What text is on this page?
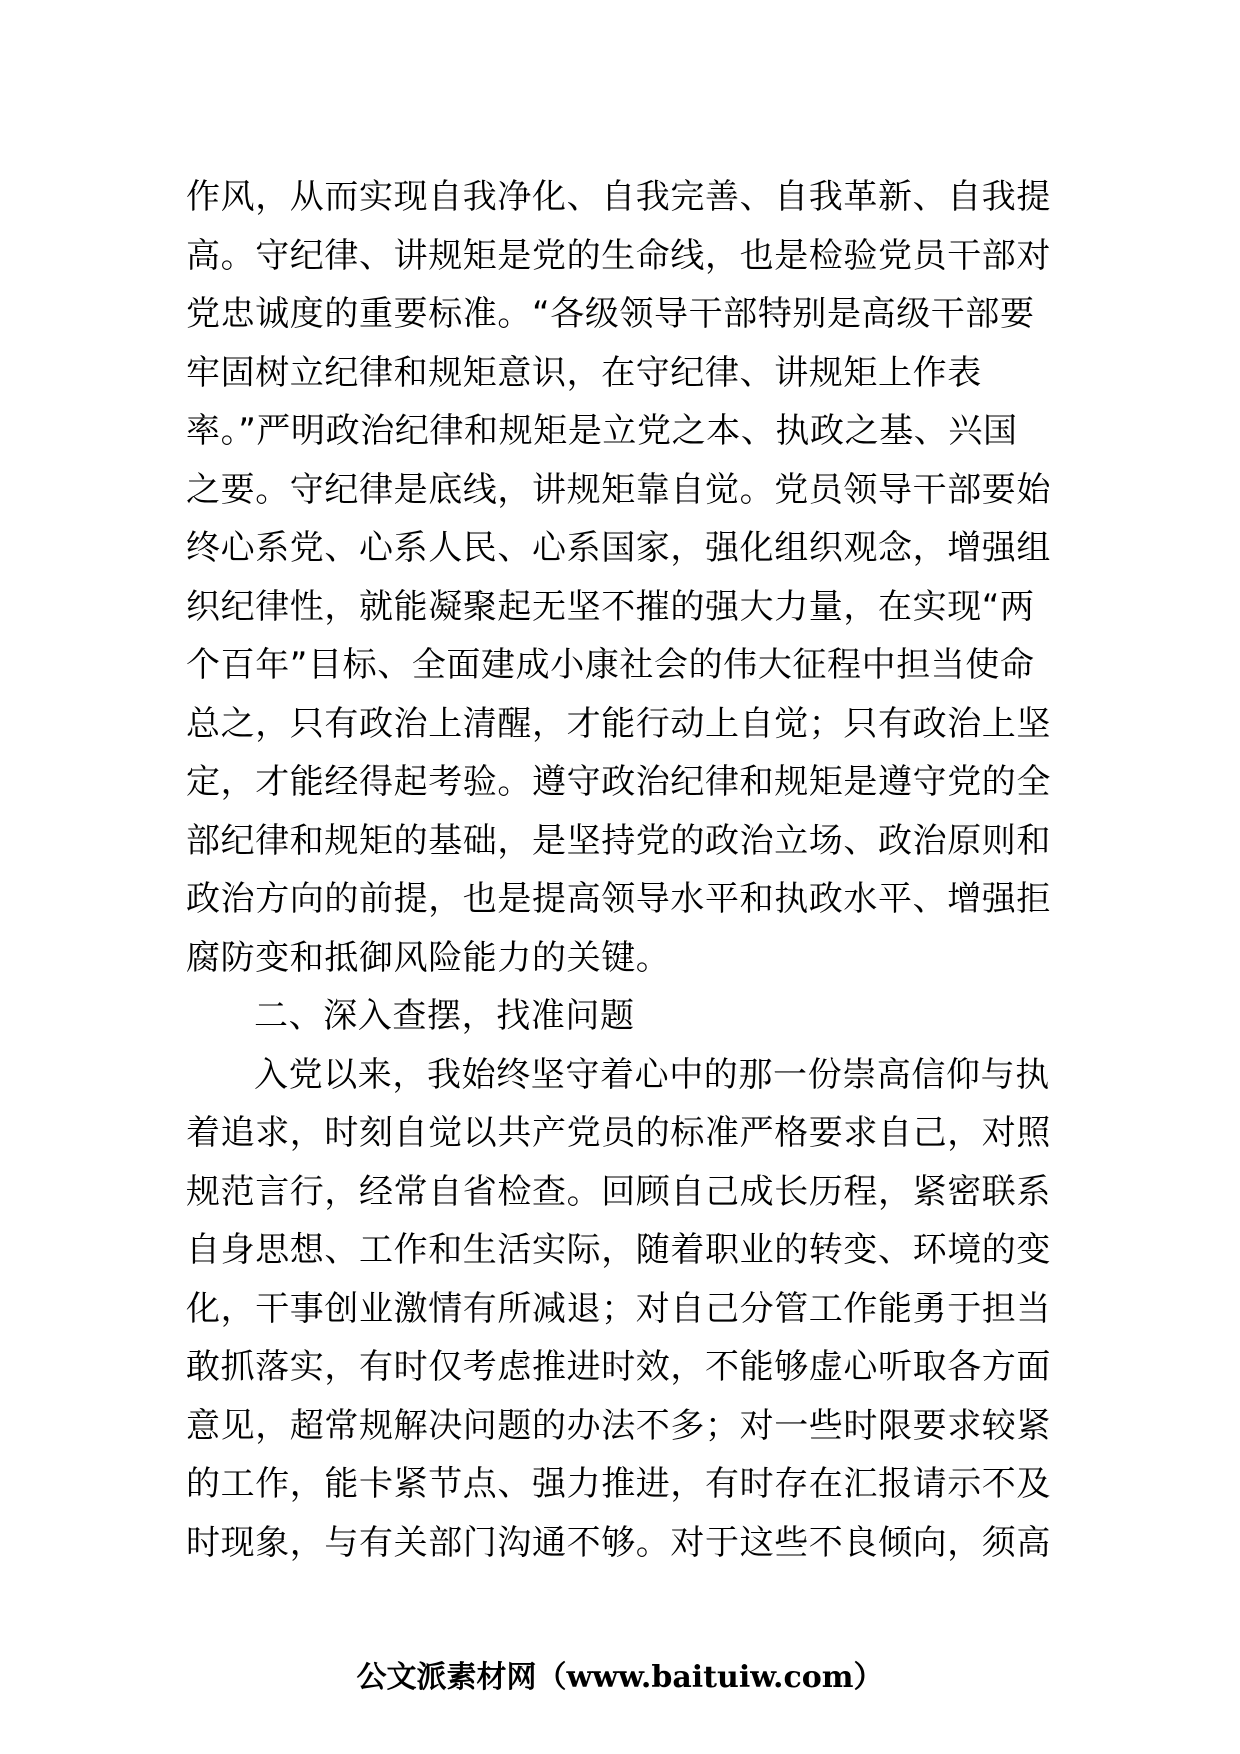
作风，从而实现自我净化、自我完善、自我革新、自我提
高。守纪律、讲规矩是党的生命线，也是检验党员干部对
党忠诚度的重要标准。“各级领导干部特别是高级干部要
牢固树立纪律和规矩意识，在守纪律、讲规矩上作表
率。”严明政治纪律和规矩是立党之本、执政之基、兴国
之要。守纪律是底线，讲规矩靠自觉。党员领导干部要始
终心系党、心系人民、心系国家，强化组织观念，增强组
织纪律性，就能凝聚起无坚不摧的强大力量，在实现“两
个百年”目标、全面建成小康社会的伟大征程中担当使命
总之，只有政治上清醒，才能行动上自觉；只有政治上坚
定，才能经得起考验。遵守政治纪律和规矩是遵守党的全
部纪律和规矩的基础，是坚持党的政治立场、政治原则和
政治方向的前提，也是提高领导水平和执政水平、增强拒
腐防变和抵御风险能力的关键。
二、深入查摆，找准问题
入党以来，我始终坚守着心中的那一份崇高信仰与执
着追求，时刻自觉以共产党员的标准严格要求自己，对照
规范言行，经常自省检查。回顾自己成长历程，紧密联系
自身思想、工作和生活实际，随着职业的转变、环境的变
化，干事创业激情有所减退；对自己分管工作能勇于担当
敢抓落实，有时仅考虑推进时效，不能够虚心听取各方面
意见，超常规解决问题的办法不多；对一些时限要求较紧
的工作，能卡紧节点、强力推进，有时存在汇报请示不及
时现象，与有关部门沟通不够。对于这些不良倾向，须高
公文派素材网（www.baituiw.com）
